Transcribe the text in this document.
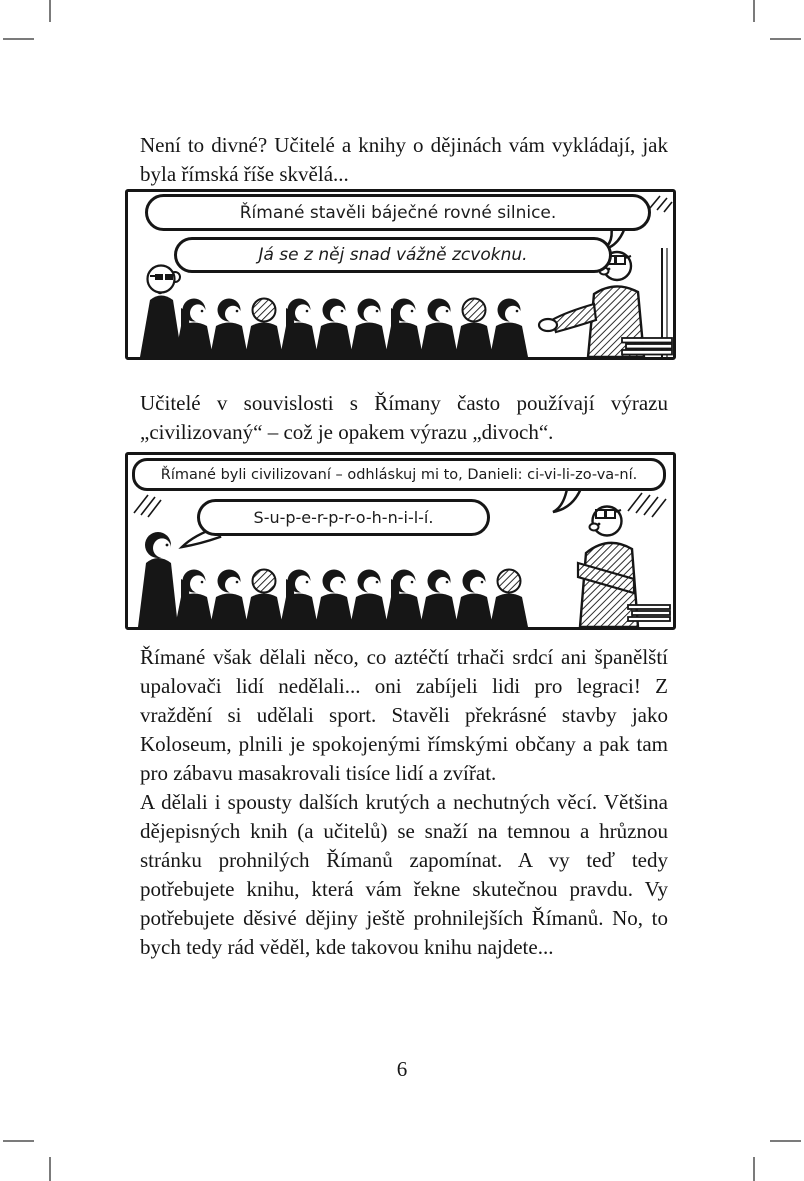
Není to divné? Učitelé a knihy o dějinách vám vykládají, jak byla římská říše skvělá...

Římané stavěli báječné rovné silnice.
Já se z něj snad vážně zcvoknu.

Učitelé v souvislosti s Římany často používají výrazu „civilizovaný“ – což je opakem výrazu „divoch“.

Římané byli civilizovaní – odhláskuj mi to, Danieli: ci-vi-li-zo-va-ní.
S-u-p-e-r-p-r-o-h-n-i-l-í.

Římané však dělali něco, co aztéčtí trhači srdcí ani španělští upalovači lidí nedělali... oni zabíjeli lidi pro legraci! Z vraždění si udělali sport. Stavěli překrásné stavby jako Koloseum, plnili je spokojenými římskými občany a pak tam pro zábavu masakrovali tisíce lidí a zvířat.

A dělali i spousty dalších krutých a nechutných věcí. Většina dějepisných knih (a učitelů) se snaží na temnou a hrůznou stránku prohnilých Římanů zapomínat. A vy teď tedy potřebujete knihu, která vám řekne skutečnou pravdu. Vy potřebujete děsivé dějiny ještě prohnilejších Římanů. No, to bych tedy rád věděl, kde takovou knihu najdete...

6
